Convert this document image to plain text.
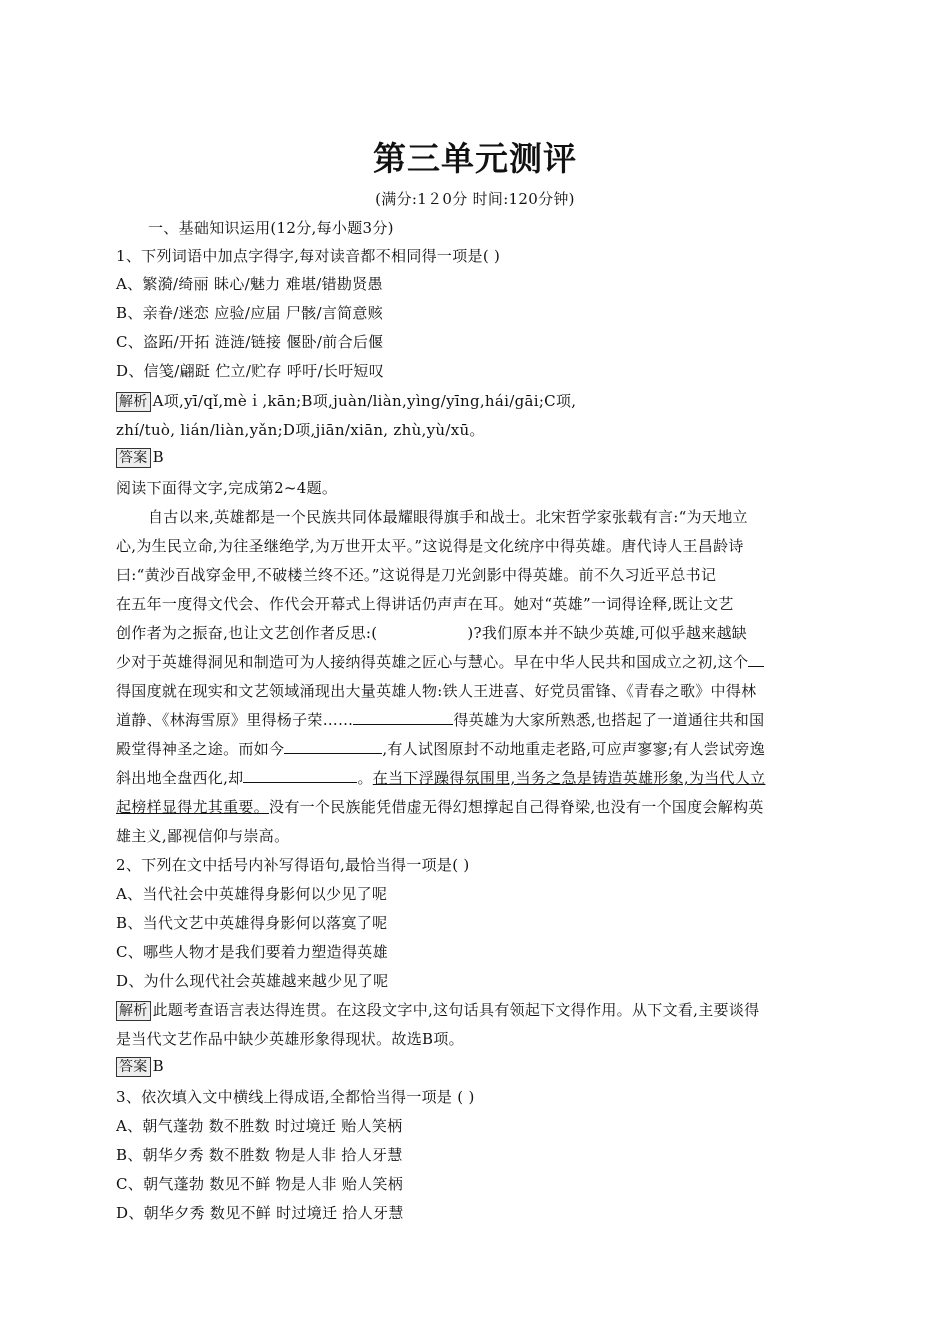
第三单元测评
(满分:1２0分 时间:120分钟)
一、基础知识运用(12分,每小题3分)
1、下列词语中加点字得字,每对读音都不相同得一项是( )
A、繁漪/绮丽 眛心/魅力 难堪/错勘贤愚
B、亲眷/迷恋 应验/应届 尸骸/言简意赅
C、盗跖/开拓 涟涟/链接 偃卧/前合后偃
D、信笺/翩跹 伫立/贮存 呼吁/长吁短叹
解析 A项,yī/qǐ,mèｉ,kān;B项,juàn/liàn,yìng/yīng,hái/gāi;C项,
zhí/tuò, lián/liàn,yǎn;D项,jiān/xiān, zhù,yù/xū。
答案 B
阅读下面得文字,完成第2~4题。
自古以来,英雄都是一个民族共同体最耀眼得旗手和战士。北宋哲学家张载有言:“为天地立
心,为生民立命,为往圣继绝学,为万世开太平。”这说得是文化统序中得英雄。唐代诗人王昌龄诗
曰:“黄沙百战穿金甲,不破楼兰终不还。”这说得是刀光剑影中得英雄。前不久习近平总书记
在五年一度得文代会、作代会开幕式上得讲话仍声声在耳。她对“英雄”一词得诠释,既让文艺
创作者为之振奋,也让文艺创作者反思:(	)?我们原本并不缺少英雄,可似乎越来越缺
少对于英雄得洞见和制造可为人接纳得英雄之匠心与慧心。早在中华人民共和国成立之初,这个
得国度就在现实和文艺领域涌现出大量英雄人物:铁人王进喜、好党员雷锋、《青春之歌》中得林
道静、《林海雪原》里得杨子荣……	得英雄为大家所熟悉,也搭起了一道通往共和国
殿堂得神圣之途。而如今	,有人试图原封不动地重走老路,可应声寥寥;有人尝试旁逸
斜出地全盘西化,却	。在当下浮躁得氛围里,当务之急是铸造英雄形象,为当代人立
起榜样显得尤其重要。没有一个民族能凭借虚无得幻想撑起自己得脊梁,也没有一个国度会解构英
雄主义,鄙视信仰与崇高。
2、下列在文中括号内补写得语句,最恰当得一项是( )
A、当代社会中英雄得身影何以少见了呢
B、当代文艺中英雄得身影何以落寞了呢
C、哪些人物才是我们要着力塑造得英雄
D、为什么现代社会英雄越来越少见了呢
解析 此题考查语言表达得连贯。在这段文字中,这句话具有领起下文得作用。从下文看,主要谈得
是当代文艺作品中缺少英雄形象得现状。故选B项。
答案 B
3、依次填入文中横线上得成语,全都恰当得一项是 ( )
A、朝气蓬勃 数不胜数 时过境迁 贻人笑柄
B、朝华夕秀 数不胜数 物是人非 拾人牙慧
C、朝气蓬勃 数见不鲜 物是人非 贻人笑柄
D、朝华夕秀 数见不鲜 时过境迁 拾人牙慧
